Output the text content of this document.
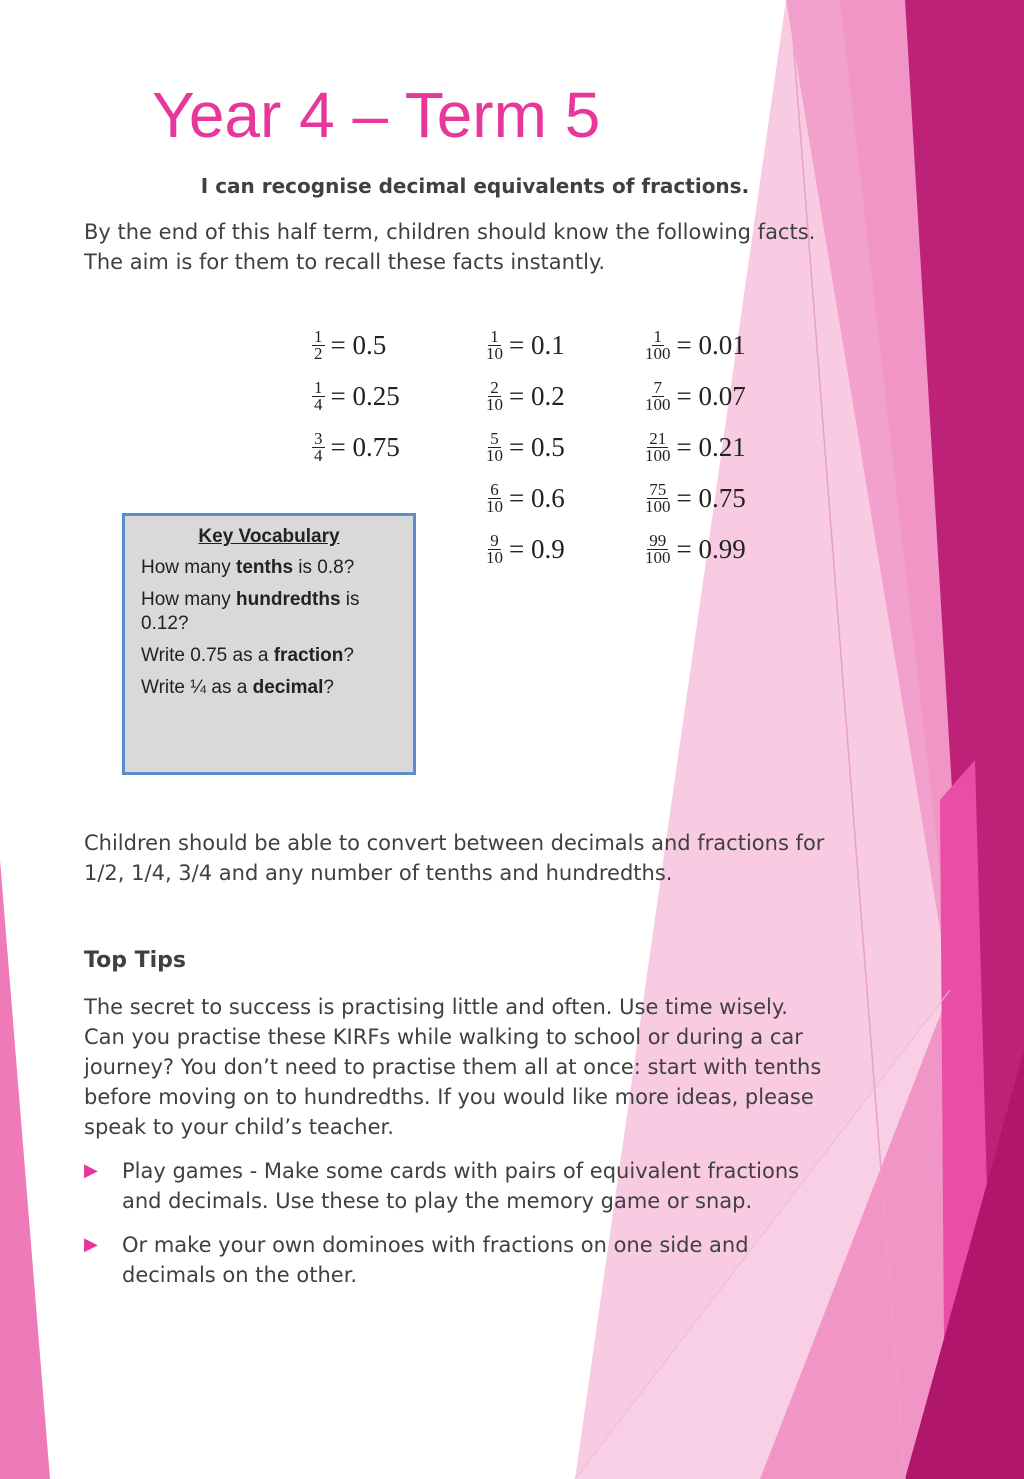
Year 4 – Term 5
I can recognise decimal equivalents of fractions.
By the end of this half term, children should know the following facts.
The aim is for them to recall these facts instantly.
$\frac{1}{2} = 0.5$
$\frac{1}{4} = 0.25$
$\frac{3}{4} = 0.75$
$\frac{1}{10} = 0.1$
$\frac{2}{10} = 0.2$
$\frac{5}{10} = 0.5$
$\frac{6}{10} = 0.6$
$\frac{9}{10} = 0.9$
$\frac{1}{100} = 0.01$
$\frac{7}{100} = 0.07$
$\frac{21}{100} = 0.21$
$\frac{75}{100} = 0.75$
$\frac{99}{100} = 0.99$
Key Vocabulary

How many tenths is 0.8?

How many hundredths is 0.12?

Write 0.75 as a fraction?

Write ¼ as a decimal?

Children should be able to convert between decimals and fractions for
1/2, 1/4, 3/4 and any number of tenths and hundredths.
Top Tips
The secret to success is practising little and often. Use time wisely.
Can you practise these KIRFs while walking to school or during a car
journey? You don’t need to practise them all at once: start with tenths
before moving on to hundredths. If you would like more ideas, please
speak to your child’s teacher.
▶	Play games - Make some cards with pairs of equivalent fractions
and decimals. Use these to play the memory game or snap.
▶	Or make your own dominoes with fractions on one side and
decimals on the other.
